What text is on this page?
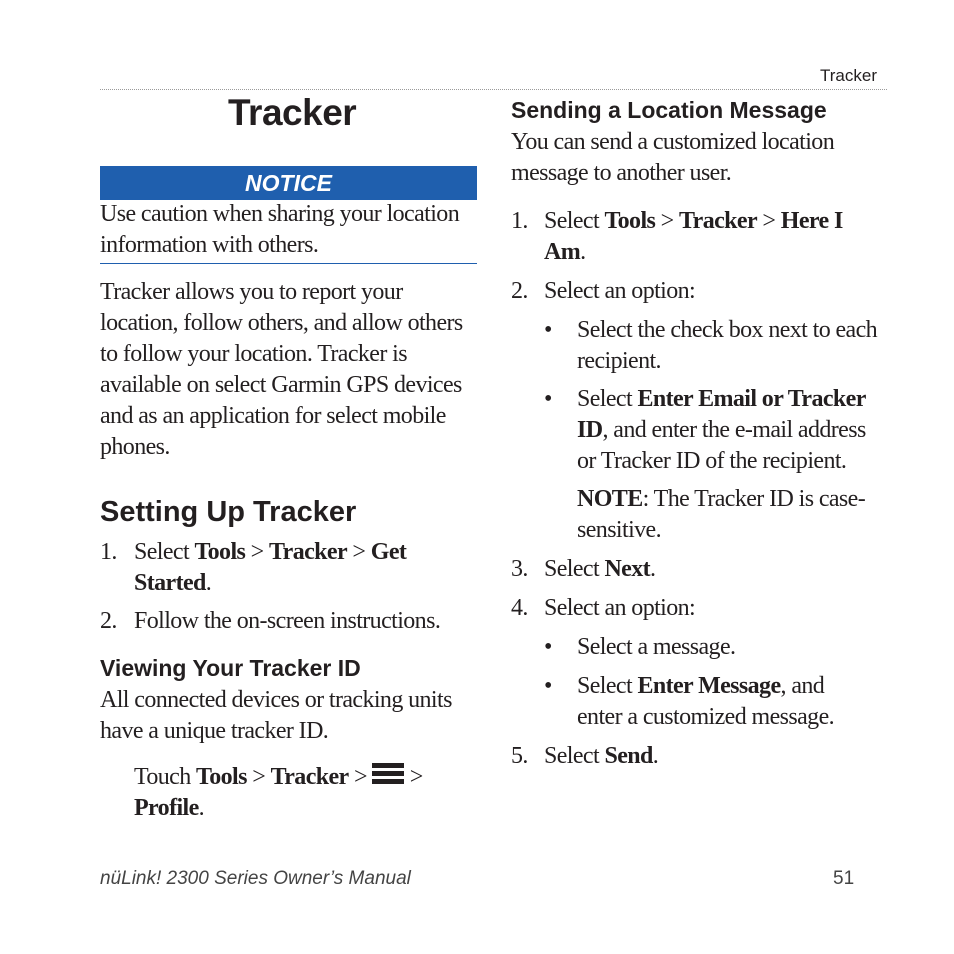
Tracker
Tracker
NOTICE
Use caution when sharing your location information with others.
Tracker allows you to report your location, follow others, and allow others to follow your location. Tracker is available on select Garmin GPS devices and as an application for select mobile phones.
Setting Up Tracker
1. Select Tools > Tracker > Get Started.
2. Follow the on-screen instructions.
Viewing Your Tracker ID
All connected devices or tracking units have a unique tracker ID.
Touch Tools > Tracker >
>
Profile.
Sending a Location Message
You can send a customized location message to another user.
1. Select Tools > Tracker > Here I Am.
2. Select an option:
• Select the check box next to each recipient.
• Select Enter Email or Tracker ID, and enter the e-mail address or Tracker ID of the recipient.
NOTE: The Tracker ID is case-sensitive.
3. Select Next.
4. Select an option:
• Select a message.
• Select Enter Message, and enter a customized message.
5. Select Send.
nüLink! 2300 Series Owner’s Manual	51
